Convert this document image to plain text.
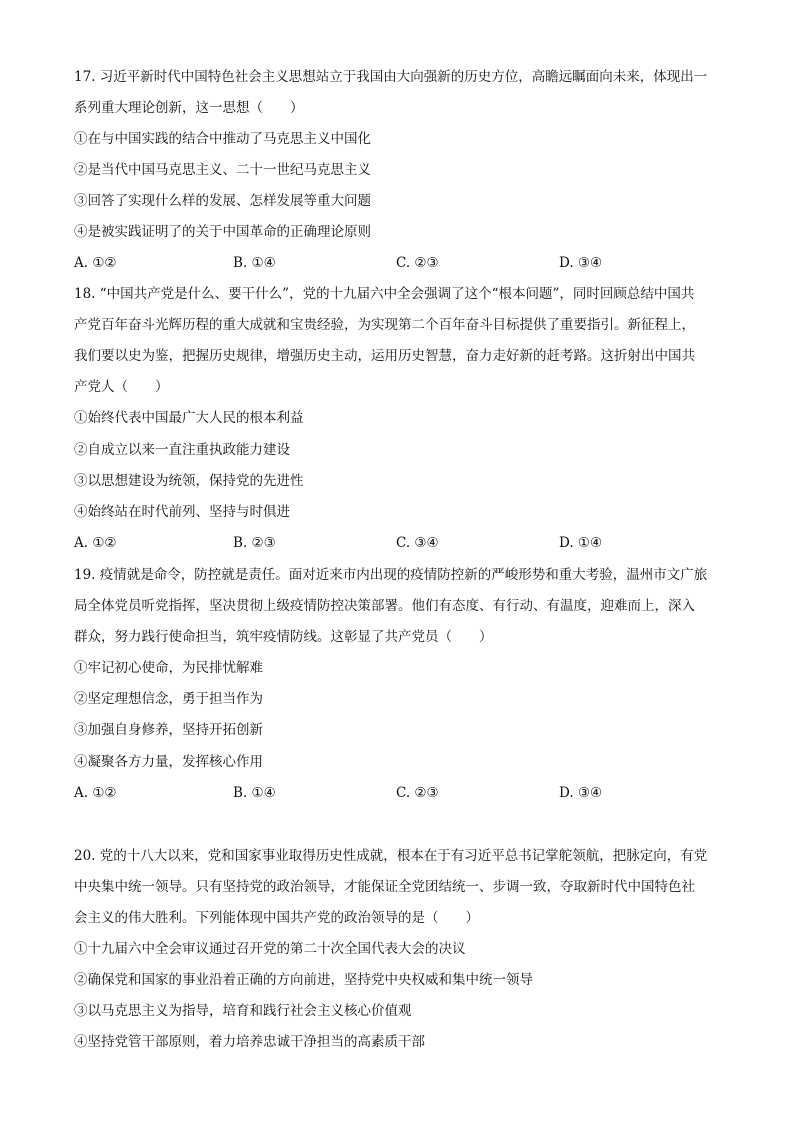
17. 习近平新时代中国特色社会主义思想站立于我国由大向强新的历史方位，高瞻远瞩面向未来，体现出一
系列重大理论创新，这一思想（　　）
①在与中国实践的结合中推动了马克思主义中国化
②是当代中国马克思主义、二十一世纪马克思主义
③回答了实现什么样的发展、怎样发展等重大问题
④是被实践证明了的关于中国革命的正确理论原则
A. ①②	B. ①④	C. ②③	D. ③④
18. “中国共产党是什么、要干什么”，党的十九届六中全会强调了这个“根本问题”，同时回顾总结中国共
产党百年奋斗光辉历程的重大成就和宝贵经验，为实现第二个百年奋斗目标提供了重要指引。新征程上，
我们要以史为鉴，把握历史规律，增强历史主动，运用历史智慧，奋力走好新的赶考路。这折射出中国共
产党人（　　）
①始终代表中国最广大人民的根本利益
②自成立以来一直注重执政能力建设
③以思想建设为统领，保持党的先进性
④始终站在时代前列、坚持与时俱进
A. ①②	B. ②③	C. ③④	D. ①④
19. 疫情就是命令，防控就是责任。面对近来市内出现的疫情防控新的严峻形势和重大考验，温州市文广旅
局全体党员听党指挥，坚决贯彻上级疫情防控决策部署。他们有态度、有行动、有温度，迎难而上，深入
群众，努力践行使命担当，筑牢疫情防线。这彰显了共产党员（　　）
①牢记初心使命，为民排忧解难
②坚定理想信念，勇于担当作为
③加强自身修养，坚持开拓创新
④凝聚各方力量，发挥核心作用
A. ①②	B. ①④	C. ②③	D. ③④
20. 党的十八大以来，党和国家事业取得历史性成就，根本在于有习近平总书记掌舵领航，把脉定向，有党
中央集中统一领导。只有坚持党的政治领导，才能保证全党团结统一、步调一致，夺取新时代中国特色社
会主义的伟大胜利。下列能体现中国共产党的政治领导的是（　　）
①十九届六中全会审议通过召开党的第二十次全国代表大会的决议
②确保党和国家的事业沿着正确的方向前进，坚持党中央权威和集中统一领导
③以马克思主义为指导，培育和践行社会主义核心价值观
④坚持党管干部原则，着力培养忠诚干净担当的高素质干部
